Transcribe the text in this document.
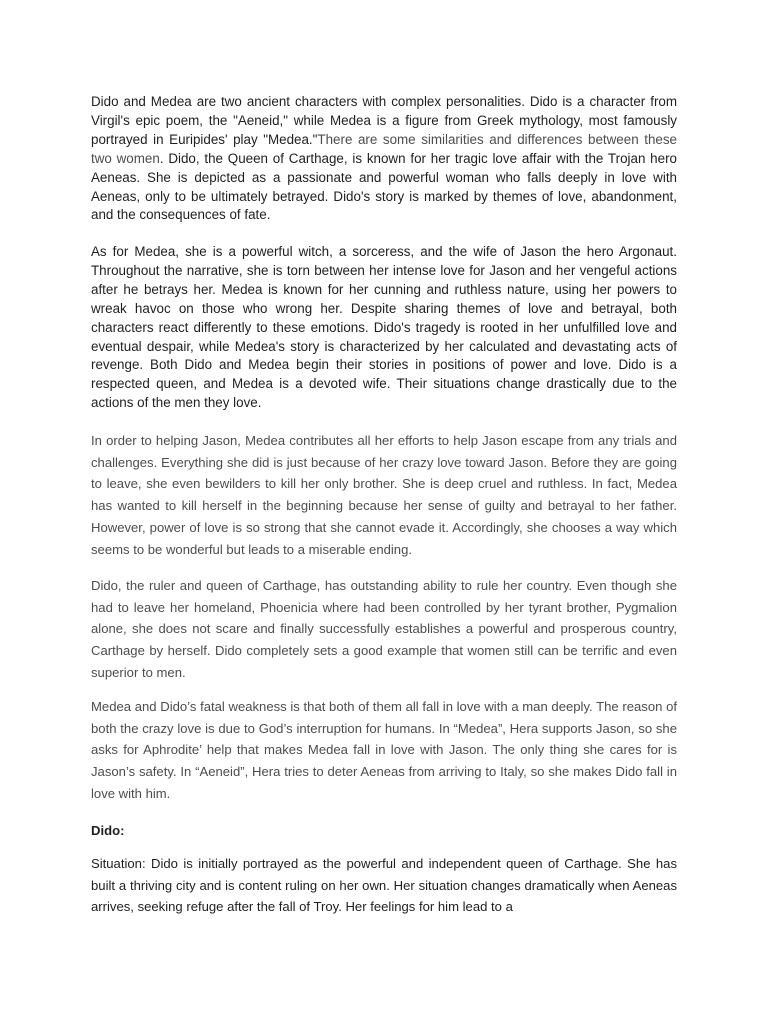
Dido and Medea are two ancient characters with complex personalities. Dido is a character from Virgil's epic poem, the "Aeneid," while Medea is a figure from Greek mythology, most famously portrayed in Euripides' play "Medea."There are some similarities and differences between these two women. Dido, the Queen of Carthage, is known for her tragic love affair with the Trojan hero Aeneas. She is depicted as a passionate and powerful woman who falls deeply in love with Aeneas, only to be ultimately betrayed. Dido's story is marked by themes of love, abandonment, and the consequences of fate.

As for Medea, she is a powerful witch, a sorceress, and the wife of Jason the hero Argonaut. Throughout the narrative, she is torn between her intense love for Jason and her vengeful actions after he betrays her. Medea is known for her cunning and ruthless nature, using her powers to wreak havoc on those who wrong her. Despite sharing themes of love and betrayal, both characters react differently to these emotions. Dido's tragedy is rooted in her unfulfilled love and eventual despair, while Medea's story is characterized by her calculated and devastating acts of revenge. Both Dido and Medea begin their stories in positions of power and love. Dido is a respected queen, and Medea is a devoted wife. Their situations change drastically due to the actions of the men they love.

In order to helping Jason, Medea contributes all her efforts to help Jason escape from any trials and challenges. Everything she did is just because of her crazy love toward Jason. Before they are going to leave, she even bewilders to kill her only brother. She is deep cruel and ruthless. In fact, Medea has wanted to kill herself in the beginning because her sense of guilty and betrayal to her father. However, power of love is so strong that she cannot evade it. Accordingly, she chooses a way which seems to be wonderful but leads to a miserable ending.

Dido, the ruler and queen of Carthage, has outstanding ability to rule her country. Even though she had to leave her homeland, Phoenicia where had been controlled by her tyrant brother, Pygmalion alone, she does not scare and finally successfully establishes a powerful and prosperous country, Carthage by herself. Dido completely sets a good example that women still can be terrific and even superior to men.

Medea and Dido’s fatal weakness is that both of them all fall in love with a man deeply. The reason of both the crazy love is due to God’s interruption for humans. In “Medea”, Hera supports Jason, so she asks for Aphrodite’ help that makes Medea fall in love with Jason. The only thing she cares for is Jason’s safety. In “Aeneid”, Hera tries to deter Aeneas from arriving to Italy, so she makes Dido fall in love with him.

Dido:

Situation: Dido is initially portrayed as the powerful and independent queen of Carthage. She has built a thriving city and is content ruling on her own. Her situation changes dramatically when Aeneas arrives, seeking refuge after the fall of Troy. Her feelings for him lead to a
